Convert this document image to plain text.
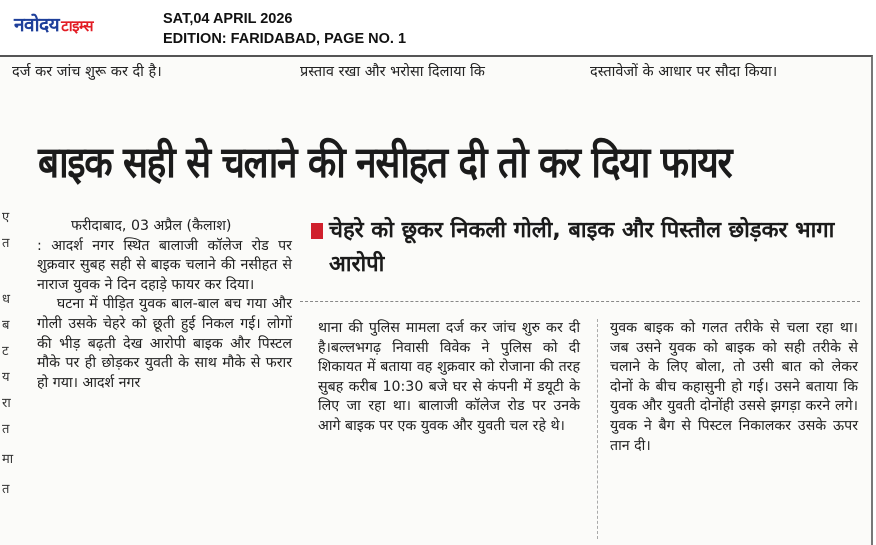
नवोदय टाइम्स	SAT,04 APRIL 2026
EDITION: FARIDABAD, PAGE NO. 1
दर्ज कर जांच शुरू कर दी है।	प्रस्ताव रखा और भरोसा दिलाया कि	दस्तावेजों के आधार पर सौदा किया।
ए
त
ध
ब
ट
य
रा
त
मा
त
बाइक सही से चलाने की नसीहत दी तो कर दिया फायर

फरीदाबाद, 03 अप्रैल (कैलाश)

: आदर्श नगर स्थित बालाजी कॉलेज रोड पर शुक्रवार सुबह सही से बाइक चलाने की नसीहत से नाराज युवक ने दिन दहाड़े फायर कर दिया।

घटना में पीड़ित युवक बाल-बाल बच गया और गोली उसके चेहरे को छूती हुई निकल गई। लोगों की भीड़ बढ़ती देख आरोपी बाइक और पिस्टल मौके पर ही छोड़कर युवती के साथ मौके से फरार हो गया। आदर्श नगर

चेहरे को छूकर निकली गोली, बाइक और पिस्तौल छोड़कर भागा आरोपी

थाना की पुलिस मामला दर्ज कर जांच शुरु कर दी है।बल्लभगढ़ निवासी विवेक ने पुलिस को दी शिकायत में बताया वह शुक्रवार को रोजाना की तरह सुबह करीब 10:30 बजे घर से कंपनी में डयूटी के लिए जा रहा था। बालाजी कॉलेज रोड पर उनके आगे बाइक पर एक युवक और युवती चल रहे थे।

युवक बाइक को गलत तरीके से चला रहा था। जब उसने युवक को बाइक को सही तरीके से चलाने के लिए बोला, तो उसी बात को लेकर दोनों के बीच कहासुनी हो गई। उसने बताया कि युवक और युवती दोनोंही उससे झगड़ा करने लगे। युवक ने बैग से पिस्टल निकालकर उसके ऊपर तान दी।
